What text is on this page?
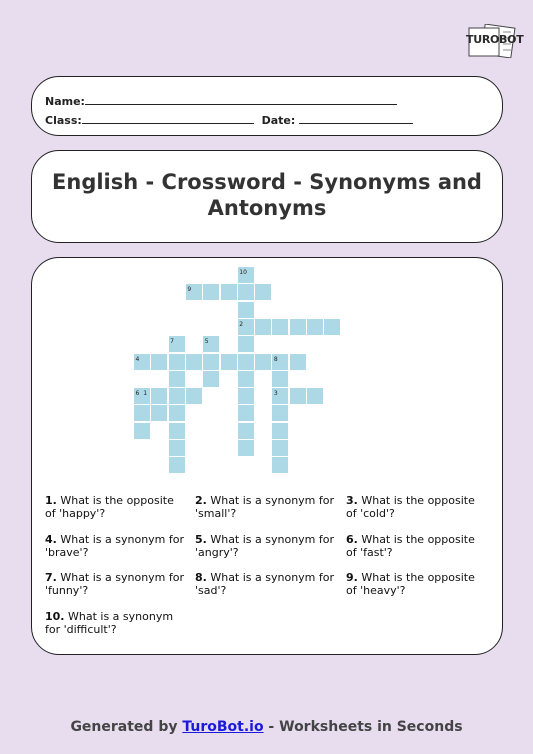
TUROBOT
Name:
Class:	Date:
English - Crossword - Synonyms and Antonyms
10
9
2
7	5
4	8
6 1	3
1. What is the opposite of 'happy'?
2. What is a synonym for 'small'?
3. What is the opposite of 'cold'?
4. What is a synonym for 'brave'?
5. What is a synonym for 'angry'?
6. What is the opposite of 'fast'?
7. What is a synonym for 'funny'?
8. What is a synonym for 'sad'?
9. What is the opposite of 'heavy'?
10. What is a synonym for 'difficult'?
Generated by TuroBot.io - Worksheets in Seconds
